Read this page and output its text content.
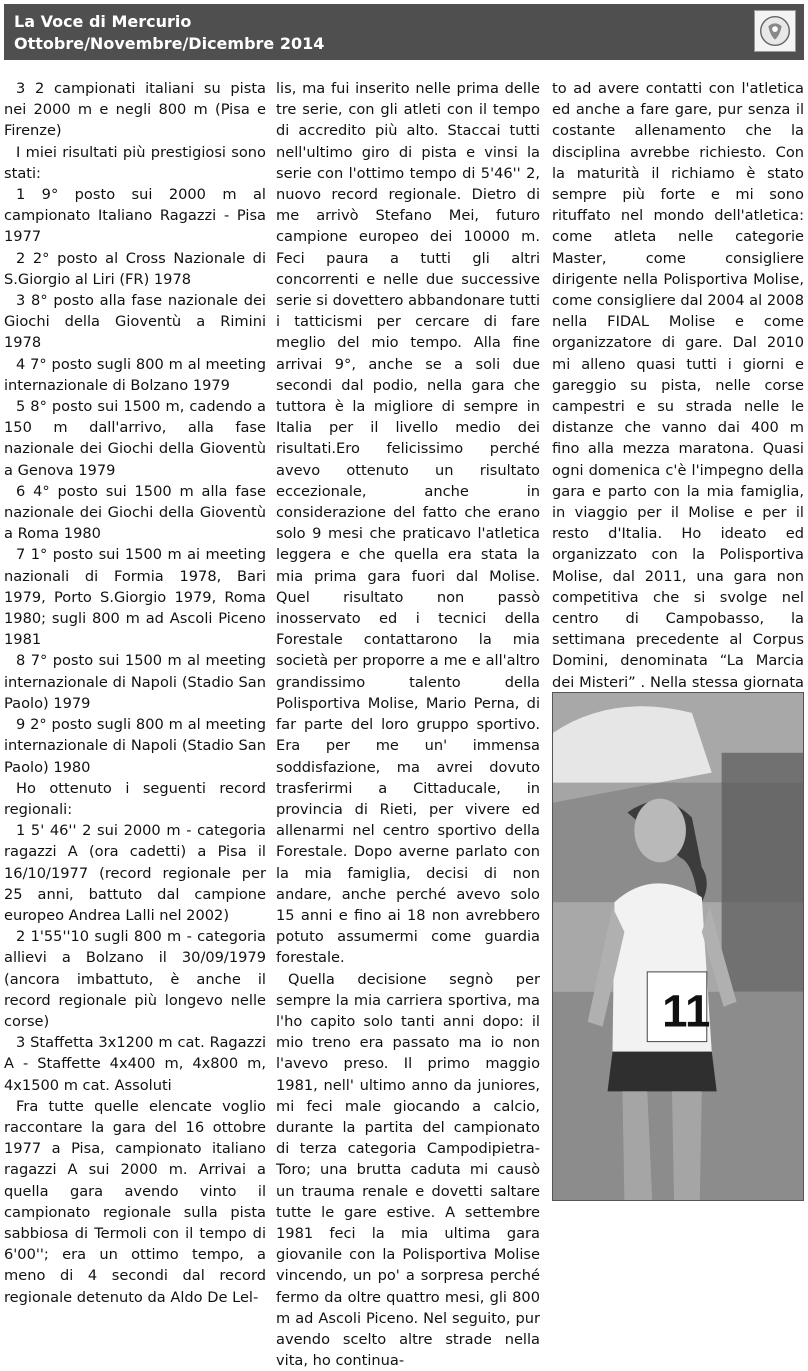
La Voce di Mercurio
Ottobre/Novembre/Dicembre 2014

3 2 campionati italiani su pista nei 2000 m e negli 800 m (Pisa e Firenze)

I miei risultati più prestigiosi sono stati:

1 9° posto sui 2000 m al campionato Italiano Ragazzi - Pisa 1977

2 2° posto al Cross Nazionale di S.Giorgio al Liri (FR) 1978

3 8° posto alla fase nazionale dei Giochi della Gioventù a Rimini 1978

4 7° posto sugli 800 m al meeting internazionale di Bolzano 1979

5 8° posto sui 1500 m, cadendo a 150 m dall'arrivo, alla fase nazionale dei Giochi della Gioventù a Genova 1979

6 4° posto sui 1500 m alla fase nazionale dei Giochi della Gioventù a Roma 1980

7 1° posto sui 1500 m ai meeting nazionali di Formia 1978, Bari 1979, Porto S.Giorgio 1979, Roma 1980; sugli 800 m ad Ascoli Piceno 1981

8 7° posto sui 1500 m al meeting internazionale di Napoli (Stadio San Paolo) 1979

9 2° posto sugli 800 m al meeting internazionale di Napoli (Stadio San Paolo) 1980

Ho ottenuto i seguenti record regionali:

1 5' 46'' 2 sui 2000 m - categoria ragazzi A (ora cadetti) a Pisa il 16/10/1977 (record regionale per 25 anni, battuto dal campione europeo Andrea Lalli nel 2002)

2 1'55''10 sugli 800 m - categoria allievi a Bolzano il 30/09/1979 (ancora imbattuto, è anche il record regionale più longevo nelle corse)

3 Staffetta 3x1200 m cat. Ragazzi A - Staffette 4x400 m, 4x800 m, 4x1500 m cat. Assoluti

Fra tutte quelle elencate voglio raccontare la gara del 16 ottobre 1977 a Pisa, campionato italiano ragazzi A sui 2000 m. Arrivai a quella gara avendo vinto il campionato regionale sulla pista sabbiosa di Termoli con il tempo di 6'00''; era un ottimo tempo, a meno di 4 secondi dal record regionale detenuto da Aldo De Lel-

lis, ma fui inserito nelle prima delle tre serie, con gli atleti con il tempo di accredito più alto. Staccai tutti nell'ultimo giro di pista e vinsi la serie con l'ottimo tempo di 5'46'' 2, nuovo record regionale. Dietro di me arrivò Stefano Mei, futuro campione europeo dei 10000 m. Feci paura a tutti gli altri concorrenti e nelle due successive serie si dovettero abbandonare tutti i tatticismi per cercare di fare meglio del mio tempo. Alla fine arrivai 9°, anche se a soli due secondi dal podio, nella gara che tuttora è la migliore di sempre in Italia per il livello medio dei risultati.Ero felicissimo perché avevo ottenuto un risultato eccezionale, anche in considerazione del fatto che erano solo 9 mesi che praticavo l'atletica leggera e che quella era stata la mia prima gara fuori dal Molise. Quel risultato non passò inosservato ed i tecnici della Forestale contattarono la mia società per proporre a me e all'altro grandissimo talento della Polisportiva Molise, Mario Perna, di far parte del loro gruppo sportivo. Era per me un' immensa soddisfazione, ma avrei dovuto trasferirmi a Cittaducale, in provincia di Rieti, per vivere ed allenarmi nel centro sportivo della Forestale. Dopo averne parlato con la mia famiglia, decisi di non andare, anche perché avevo solo 15 anni e fino ai 18 non avrebbero potuto assumermi come guardia forestale.

Quella decisione segnò per sempre la mia carriera sportiva, ma l'ho capito solo tanti anni dopo: il mio treno era passato ma io non l'avevo preso. Il primo maggio 1981, nell' ultimo anno da juniores, mi feci male giocando a calcio, durante la partita del campionato di terza categoria Campodipietra-Toro; una brutta caduta mi causò un trauma renale e dovetti saltare tutte le gare estive. A settembre 1981 feci la mia ultima gara giovanile con la Polisportiva Molise vincendo, un po' a sorpresa perché fermo da oltre quattro mesi, gli 800 m ad Ascoli Piceno. Nel seguito, pur avendo scelto altre strade nella vita, ho continua-

to ad avere contatti con l'atletica ed anche a fare gare, pur senza il costante allenamento che la disciplina avrebbe richiesto. Con la maturità il richiamo è stato sempre più forte e mi sono rituffato nel mondo dell'atletica: come atleta nelle categorie Master, come consigliere dirigente nella Polisportiva Molise, come consigliere dal 2004 al 2008 nella FIDAL Molise e come organizzatore di gare. Dal 2010 mi alleno quasi tutti i giorni e gareggio su pista, nelle corse campestri e su strada nelle le distanze che vanno dai 400 m fino alla mezza maratona. Quasi ogni domenica c'è l'impegno della gara e parto con la mia famiglia, in viaggio per il Molise e per il resto d'Italia. Ho ideato ed organizzato con la Polisportiva Molise, dal 2011, una gara non competitiva che si svolge nel centro di Campobasso, la settimana precedente al Corpus Domini, denominata “La Marcia dei Misteri” . Nella stessa giornata

11
